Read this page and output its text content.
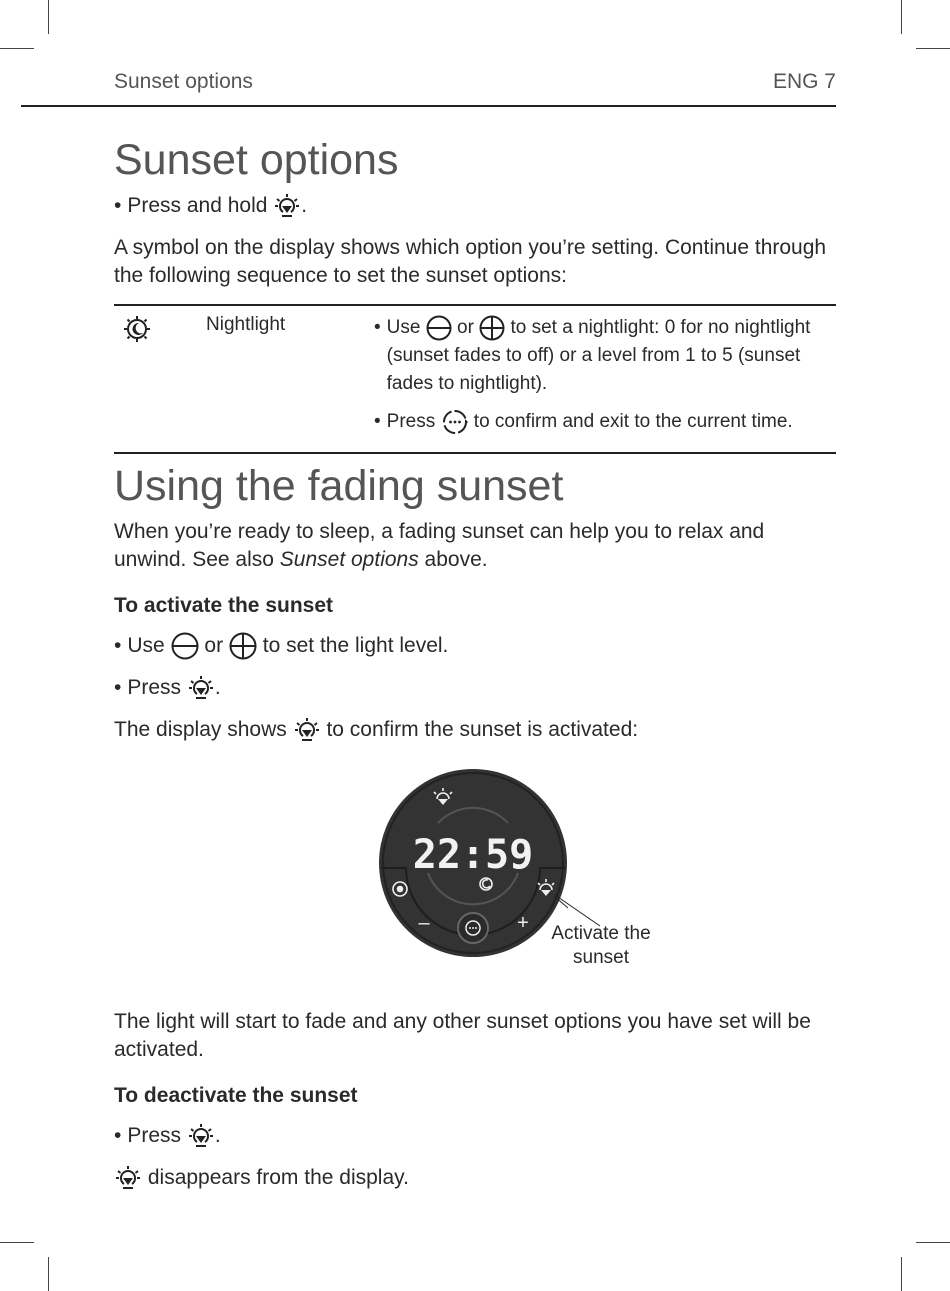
Sunset options	ENG 7
Sunset options
• Press and hold
.

A symbol on the display shows which option you’re setting. Continue through the following sequence to set the sunset options:

	Nightlight	• Use or to set a nightlight: 0 for no nightlight (sunset fades to off) or a level from 1 to 5 (sunset fades to nightlight).
• Press to confirm and exit to the current time.
Using the fading sunset

When you’re ready to sleep, a fading sunset can help you to relax and unwind. See also Sunset options above.

To activate the sunset
• Use

or

to set the light level.
• Press
.
The display shows

to confirm the sunset is activated:
22:59
–	+ Activate the sunset

The light will start to fade and any other sunset options you have set will be activated.

To deactivate the sunset
• Press
.

disappears from the display.
